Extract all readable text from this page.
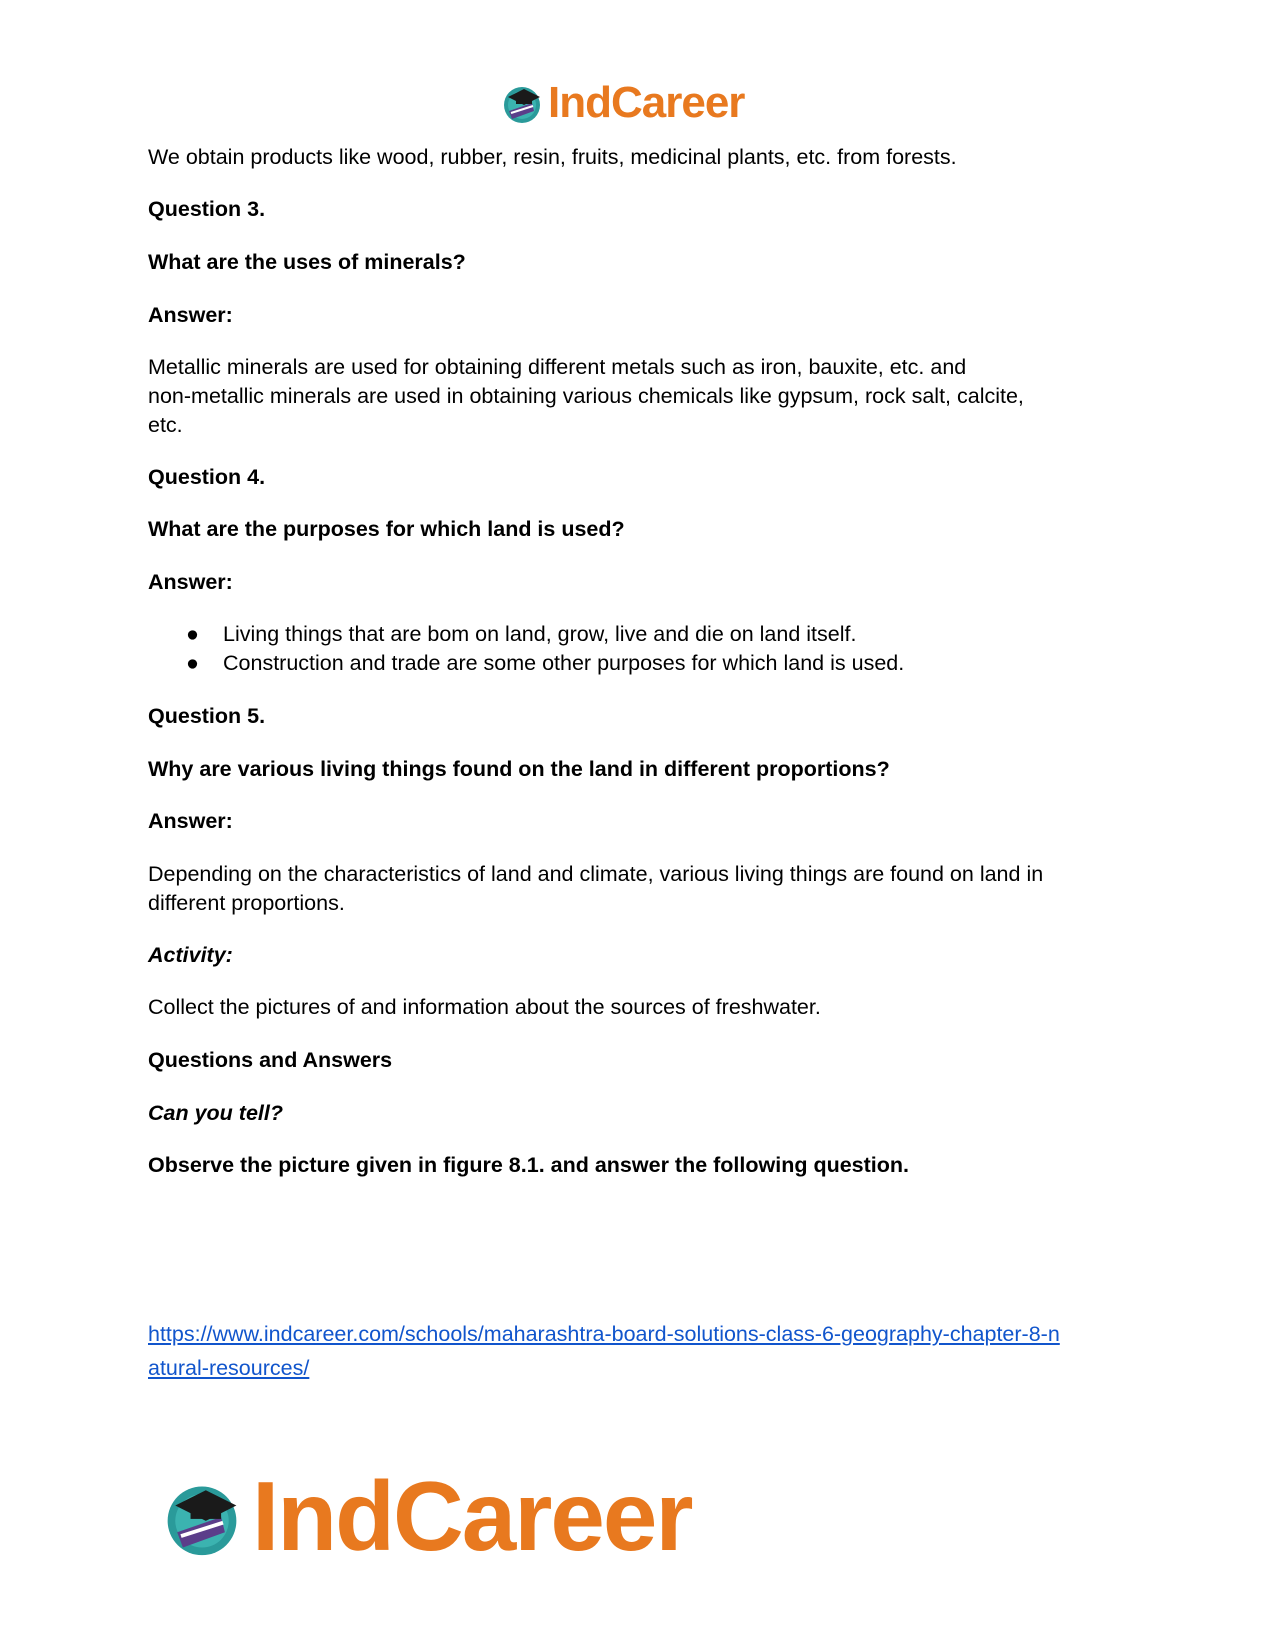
IndCareer

We obtain products like wood, rubber, resin, fruits, medicinal plants, etc. from forests.

Question 3.

What are the uses of minerals?

Answer:

Metallic minerals are used for obtaining different metals such as iron, bauxite, etc. and

non-metallic minerals are used in obtaining various chemicals like gypsum, rock salt, calcite,

etc.

Question 4.

What are the purposes for which land is used?

Answer:

● Living things that are bom on land, grow, live and die on land itself.
● Construction and trade are some other purposes for which land is used.

Question 5.

Why are various living things found on the land in different proportions?

Answer:

Depending on the characteristics of land and climate, various living things are found on land in

different proportions.

Activity:

Collect the pictures of and information about the sources of freshwater.

Questions and Answers

Can you tell?

Observe the picture given in figure 8.1. and answer the following question.

https://www.indcareer.com/schools/maharashtra-board-solutions-class-6-geography-chapter-8-n
atural-resources/
IndCareer
